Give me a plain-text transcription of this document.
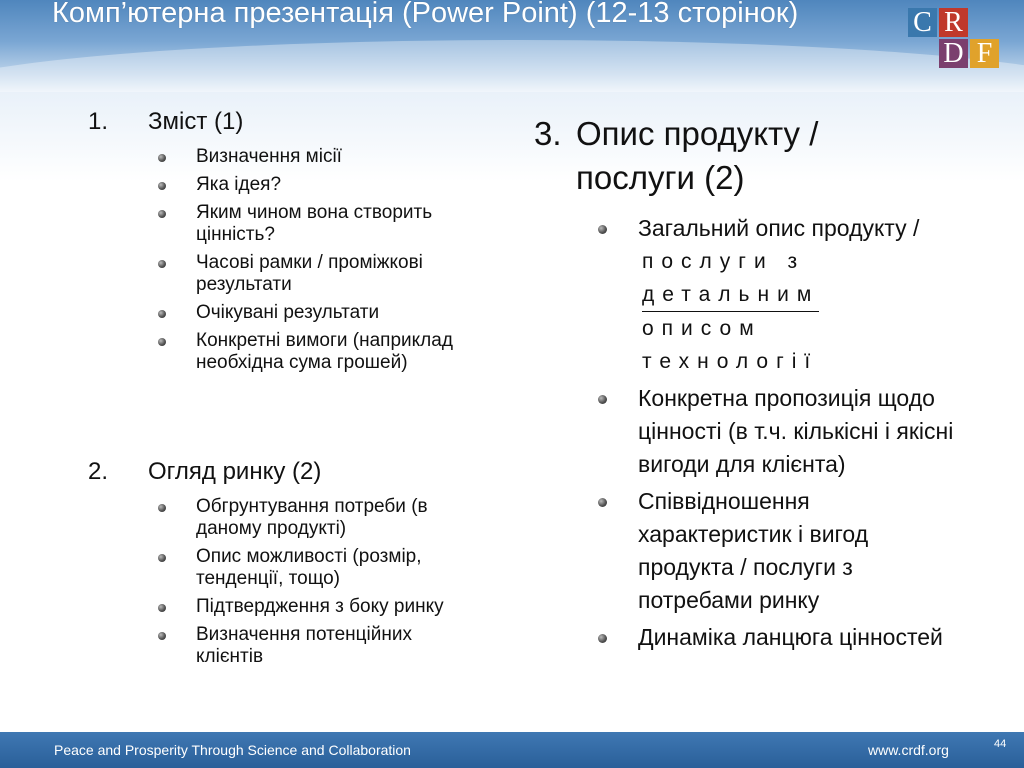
Комп’ютерна презентація (Power Point) (12-13 сторінок)	C R
D F
1. Зміст (1)
Визначення місії
Яка ідея?
Яким чином вона створить цінність?
Часові рамки / проміжкові результати
Очікувані результати
Конкретні вимоги (наприклад необхідна сума грошей)
2. Огляд ринку (2)
Обгрунтування потреби (в даному продукті)
Опис можливості (розмір, тенденції, тощо)
Підтвердження з боку ринку
Визначення потенційних клієнтів
3. Опис продукту / послуги (2)
Загальний опис продукту /
послуги з
детальним
описом
технології
Конкретна пропозиція щодо цінності (в т.ч. кількісні і якісні вигоди для клієнта)
Співвідношення характеристик і вигод продукта / послуги з потребами ринку
Динаміка ланцюга цінностей
Peace and Prosperity Through Science and Collaboration	www.crdf.org	44
